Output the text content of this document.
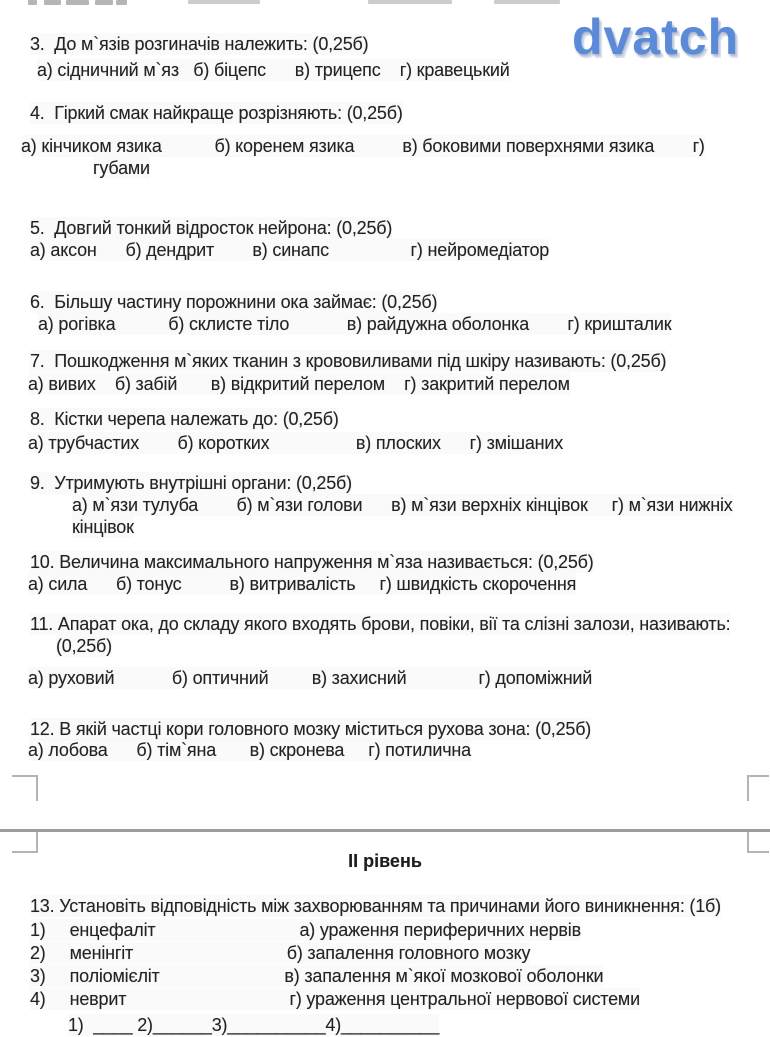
dvatch
3.  До м`язів розгиначів належить: (0,25б)
а) сідничний м`яз   б) біцепс      в) трицепс    г) кравецький
4.  Гіркий смак найкраще розрізняють: (0,25б)
а) кінчиком язика           б) коренем язика          в) боковими поверхнями язика        г)
губами
5.  Довгий тонкий відросток нейрона: (0,25б)
а) аксон      б) дендрит        в) синапс                 г) нейромедіатор
6.  Більшу частину порожнини ока займає: (0,25б)
а) рогівка           б) склисте тіло            в) райдужна оболонка        г) кришталик
7.  Пошкодження м`яких тканин з крововиливами під шкіру називають: (0,25б)
а) вивих    б) забій       в) відкритий перелом    г) закритий перелом
8.  Кістки черепа належать до: (0,25б)
а) трубчастих        б) коротких                  в) плоских      г) змішаних
9.  Утримують внутрішні органи: (0,25б)
а) м`язи тулуба        б) м`язи голови      в) м`язи верхніх кінцівок     г) м`язи нижніх
кінцівок
10. Величина максимального напруження м`яза називається: (0,25б)
а) сила      б) тонус          в) витривалість     г) швидкість скорочення
11. Апарат ока, до складу якого входять брови, повіки, вії та слізні залози, називають:
(0,25б)
а) руховий            б) оптичний         в) захисний               г) допоміжний
12. В якій частці кори головного мозку міститься рухова зона: (0,25б)
а) лобова      б) тім`яна       в) скронева     г) потилична
ІІ рівень
13. Установіть відповідність між захворюванням та причинами його виникнення: (1б)
1)     енцефаліт                              а) ураження периферичних нервів
2)     менінгіт                                б) запалення головного мозку
3)     поліомієліт                          в) запалення м`якої мозкової оболонки
4)     неврит                                  г) ураження центральної нервової системи
1)  ____ 2)______3)__________4)__________
